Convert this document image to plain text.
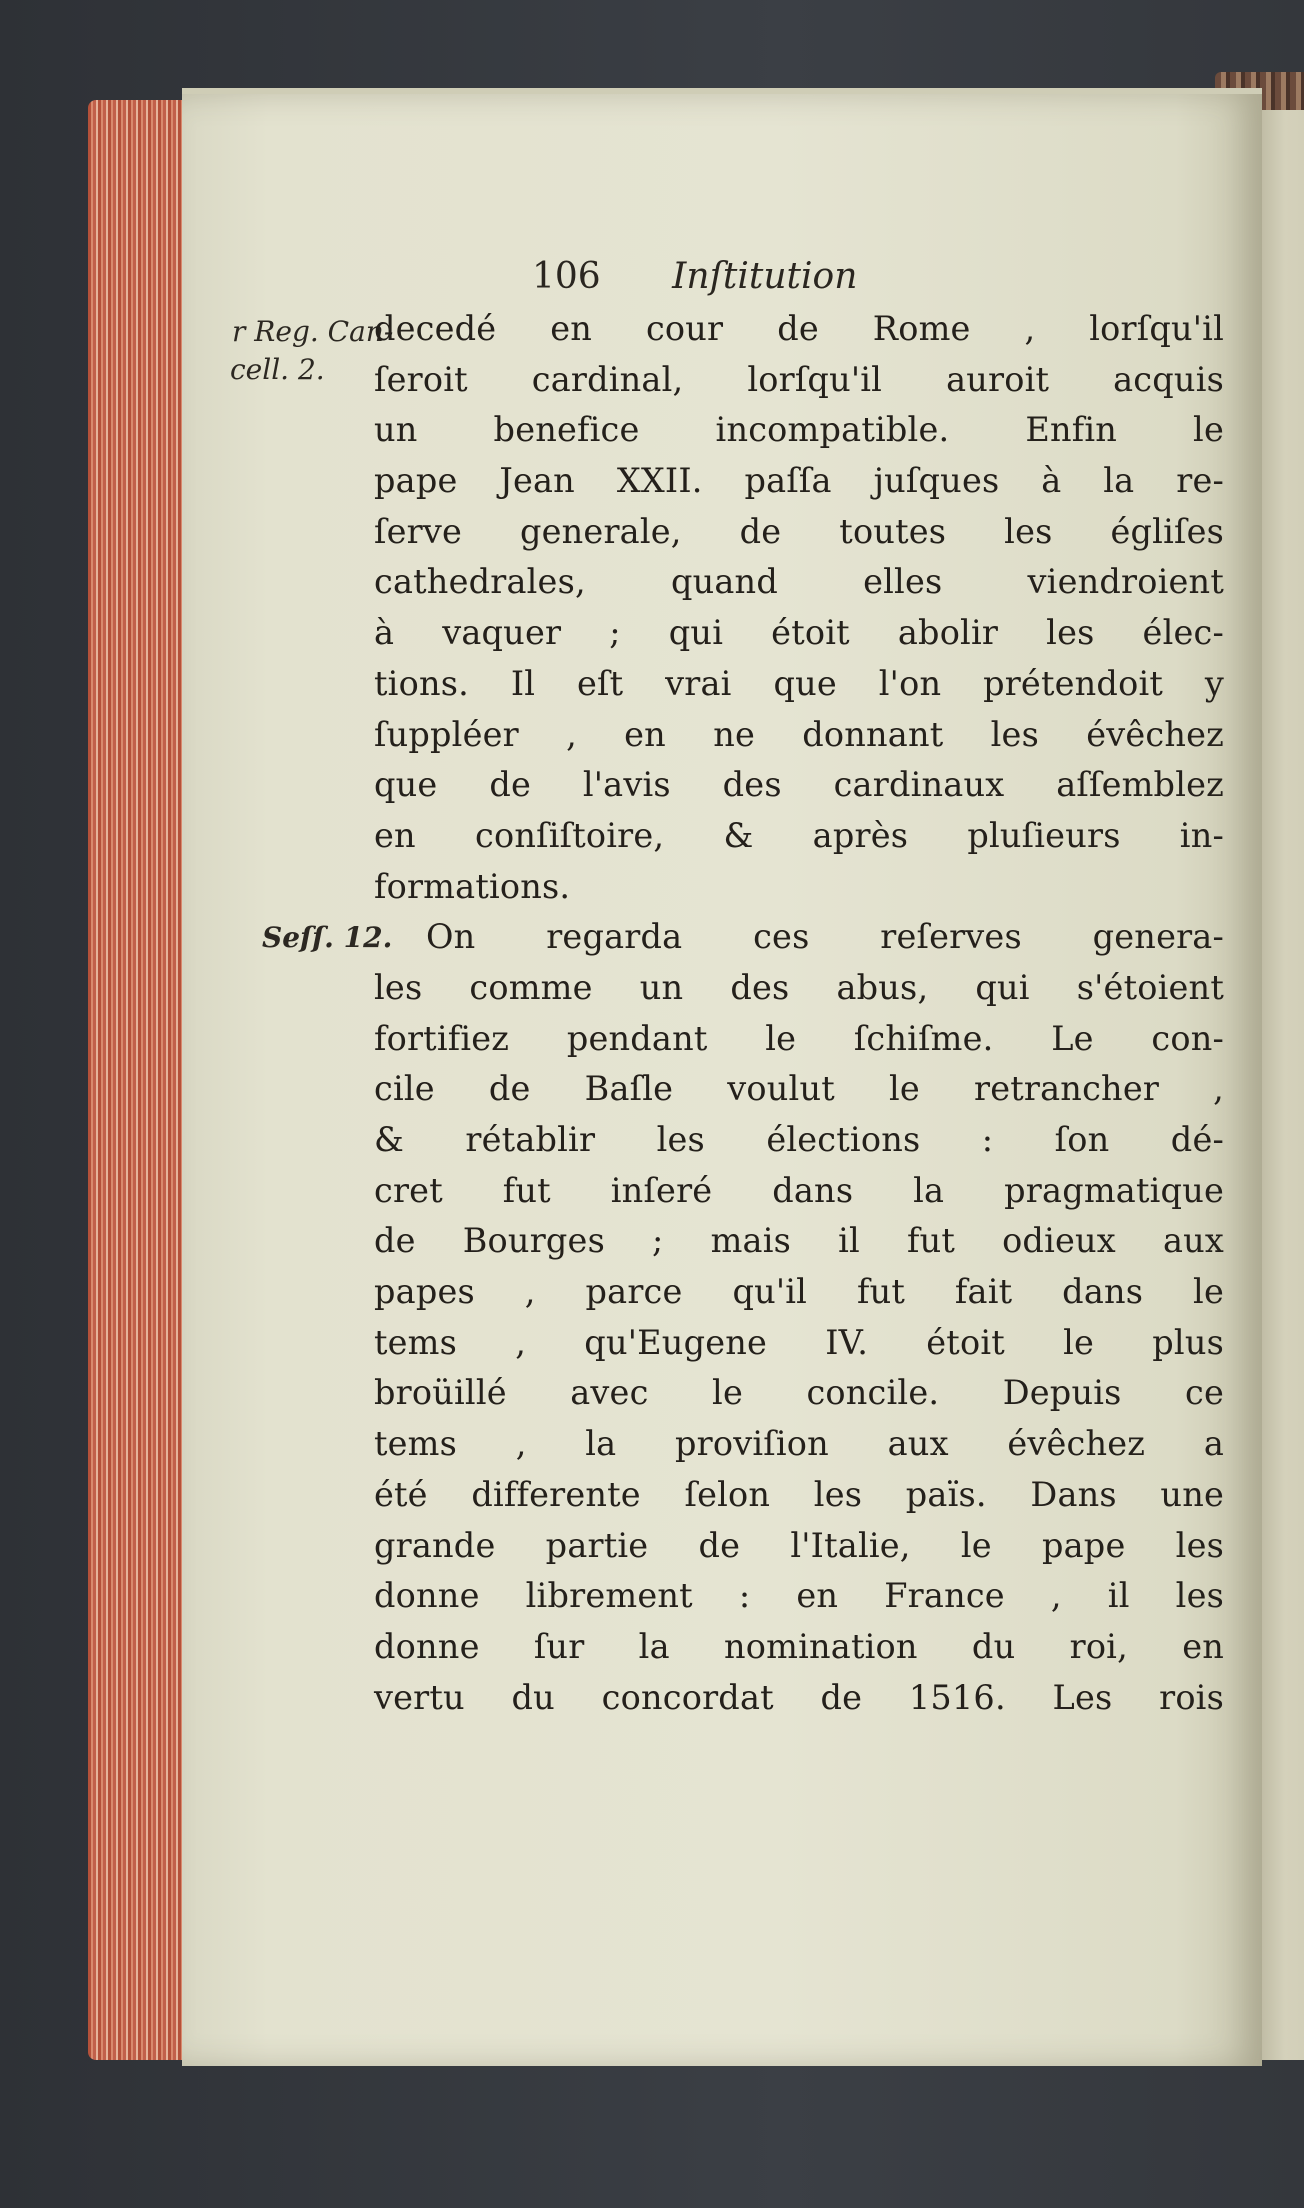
106 Inſtitution
r Reg. Can-
cell. 2.
Seſſ. 12.
decedé en cour de Rome , lorſqu'il
ſeroit cardinal, lorſqu'il auroit acquis
un benefice incompatible. Enfin le
pape Jean XXII. paſſa juſques à la re-
ſerve generale, de toutes les égliſes
cathedrales, quand elles viendroient
à vaquer ; qui étoit abolir les élec-
tions. Il eſt vrai que l'on prétendoit y
ſuppléer , en ne donnant les évêchez
que de l'avis des cardinaux aſſemblez
en conſiſtoire, & après pluſieurs in-
formations.
On regarda ces reſerves genera-
les comme un des abus, qui s'étoient
fortifiez pendant le ſchiſme. Le con-
cile de Baſle voulut le retrancher ,
& rétablir les élections : ſon dé-
cret fut inſeré dans la pragmatique
de Bourges ; mais il fut odieux aux
papes , parce qu'il fut fait dans le
tems , qu'Eugene IV. étoit le plus
broüillé avec le concile. Depuis ce
tems , la proviſion aux évêchez a
été differente ſelon les païs. Dans une
grande partie de l'Italie, le pape les
donne librement : en France , il les
donne ſur la nomination du roi, en
vertu du concordat de 1516. Les rois
